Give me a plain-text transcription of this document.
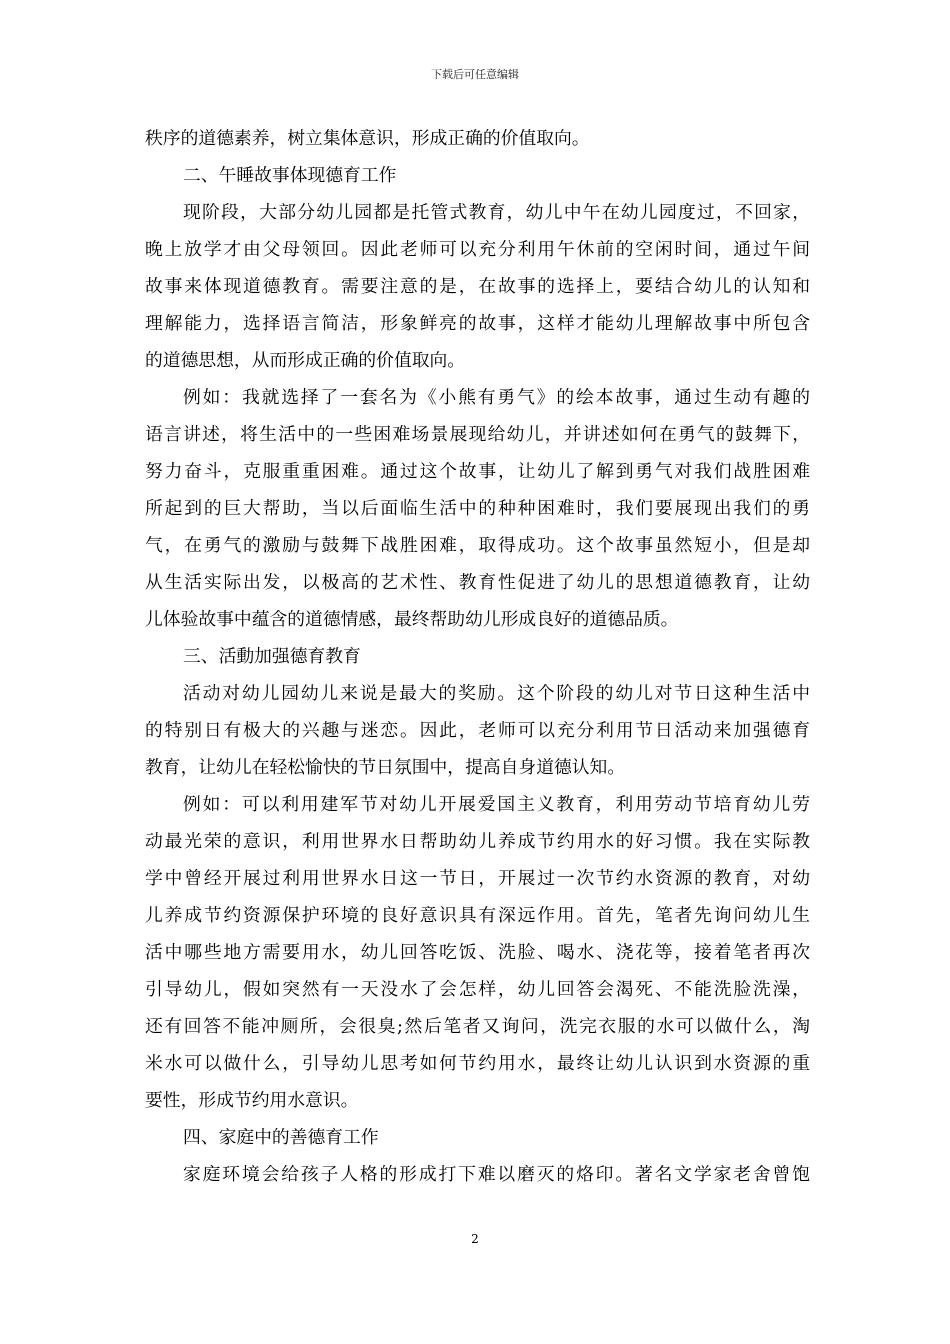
下载后可任意编辑
秩序的道德素养，树立集体意识，形成正确的价值取向。
二、午睡故事体现德育工作
现阶段，大部分幼儿园都是托管式教育，幼儿中午在幼儿园度过，不回家，
晚上放学才由父母领回。因此老师可以充分利用午休前的空闲时间，通过午间
故事来体现道德教育。需要注意的是，在故事的选择上，要结合幼儿的认知和
理解能力，选择语言简洁，形象鲜亮的故事，这样才能幼儿理解故事中所包含
的道德思想，从而形成正确的价值取向。
例如：我就选择了一套名为《小熊有勇气》的绘本故事，通过生动有趣的
语言讲述，将生活中的一些困难场景展现给幼儿，并讲述如何在勇气的鼓舞下，
努力奋斗，克服重重困难。通过这个故事，让幼儿了解到勇气对我们战胜困难
所起到的巨大帮助，当以后面临生活中的种种困难时，我们要展现出我们的勇
气，在勇气的激励与鼓舞下战胜困难，取得成功。这个故事虽然短小，但是却
从生活实际出发，以极高的艺术性、教育性促进了幼儿的思想道德教育，让幼
儿体验故事中蕴含的道德情感，最终帮助幼儿形成良好的道德品质。
三、活動加强德育教育
活动对幼儿园幼儿来说是最大的奖励。这个阶段的幼儿对节日这种生活中
的特别日有极大的兴趣与迷恋。因此，老师可以充分利用节日活动来加强德育
教育，让幼儿在轻松愉快的节日氛围中，提高自身道德认知。
例如：可以利用建军节对幼儿开展爱国主义教育，利用劳动节培育幼儿劳
动最光荣的意识，利用世界水日帮助幼儿养成节约用水的好习惯。我在实际教
学中曾经开展过利用世界水日这一节日，开展过一次节约水资源的教育，对幼
儿养成节约资源保护环境的良好意识具有深远作用。首先，笔者先询问幼儿生
活中哪些地方需要用水，幼儿回答吃饭、洗脸、喝水、浇花等，接着笔者再次
引导幼儿，假如突然有一天没水了会怎样，幼儿回答会渴死、不能洗脸洗澡，
还有回答不能冲厕所，会很臭;然后笔者又询问，洗完衣服的水可以做什么，淘
米水可以做什么，引导幼儿思考如何节约用水，最终让幼儿认识到水资源的重
要性，形成节约用水意识。
四、家庭中的善德育工作
家庭环境会给孩子人格的形成打下难以磨灭的烙印。著名文学家老舍曾饱
2
